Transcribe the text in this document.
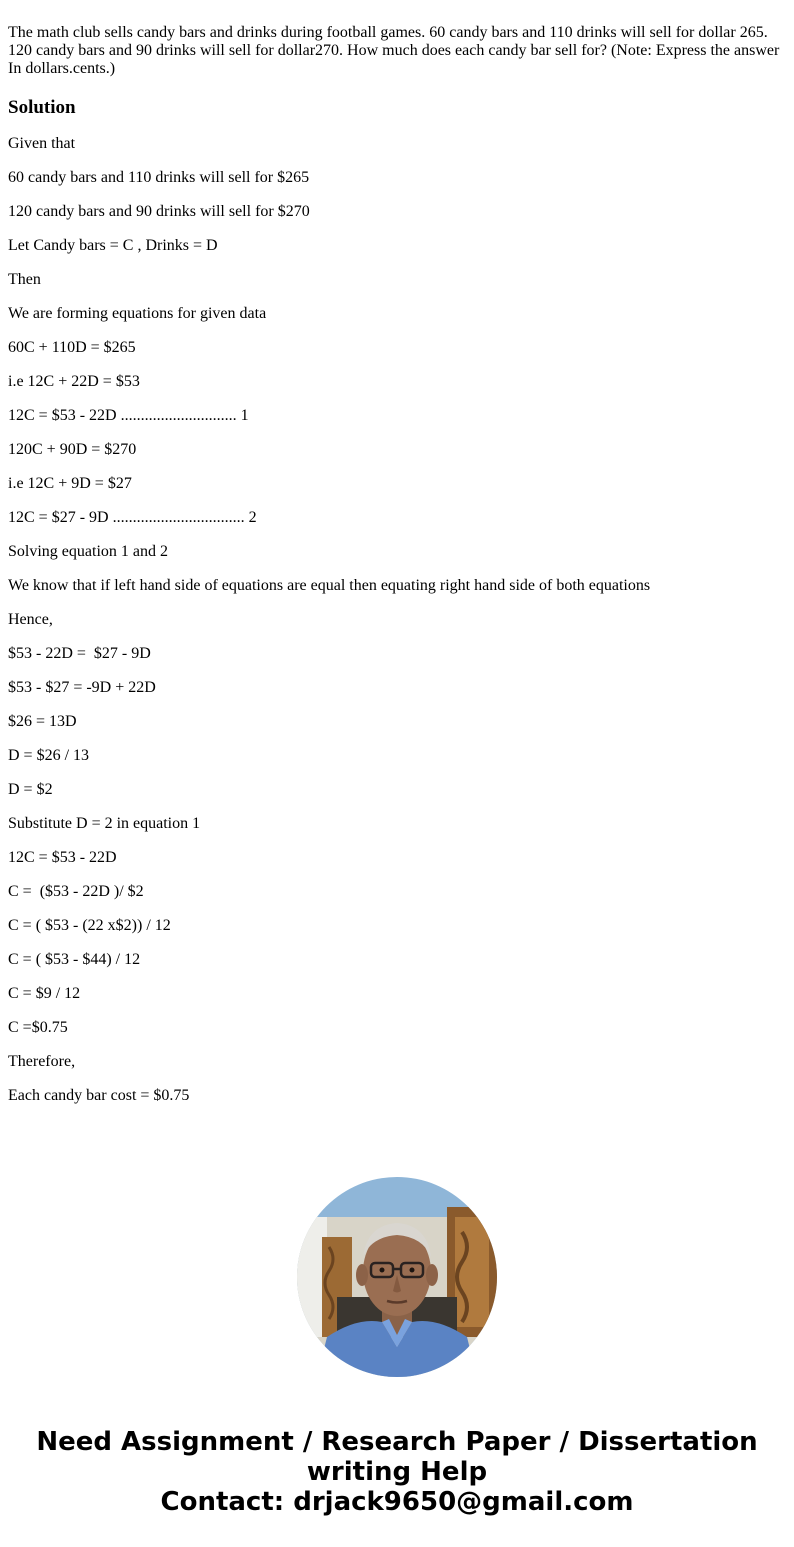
The math club sells candy bars and drinks during football games. 60 candy bars and 110 drinks will sell for dollar 265. 120 candy bars and 90 drinks will sell for dollar270. How much does each candy bar sell for? (Note: Express the answer In dollars.cents.)

Solution

Given that

60 candy bars and 110 drinks will sell for $265

120 candy bars and 90 drinks will sell for $270

Let Candy bars = C , Drinks = D

Then

We are forming equations for given data

60C + 110D = $265

i.e 12C + 22D = $53

12C = $53 - 22D ............................. 1

120C + 90D = $270

i.e 12C + 9D = $27

12C = $27 - 9D ................................. 2

Solving equation 1 and 2

We know that if left hand side of equations are equal then equating right hand side of both equations

Hence,

$53 - 22D =  $27 - 9D

$53 - $27 = -9D + 22D

$26 = 13D

D = $26 / 13

D = $2

Substitute D = 2 in equation 1

12C = $53 - 22D

C =  ($53 - 22D )/ $2

C = ( $53 - (22 x$2)) / 12

C = ( $53 - $44) / 12

C = $9 / 12

C =$0.75

Therefore,

Each candy bar cost = $0.75

Need Assignment / Research Paper / Dissertation
writing Help
Contact: drjack9650@gmail.com
